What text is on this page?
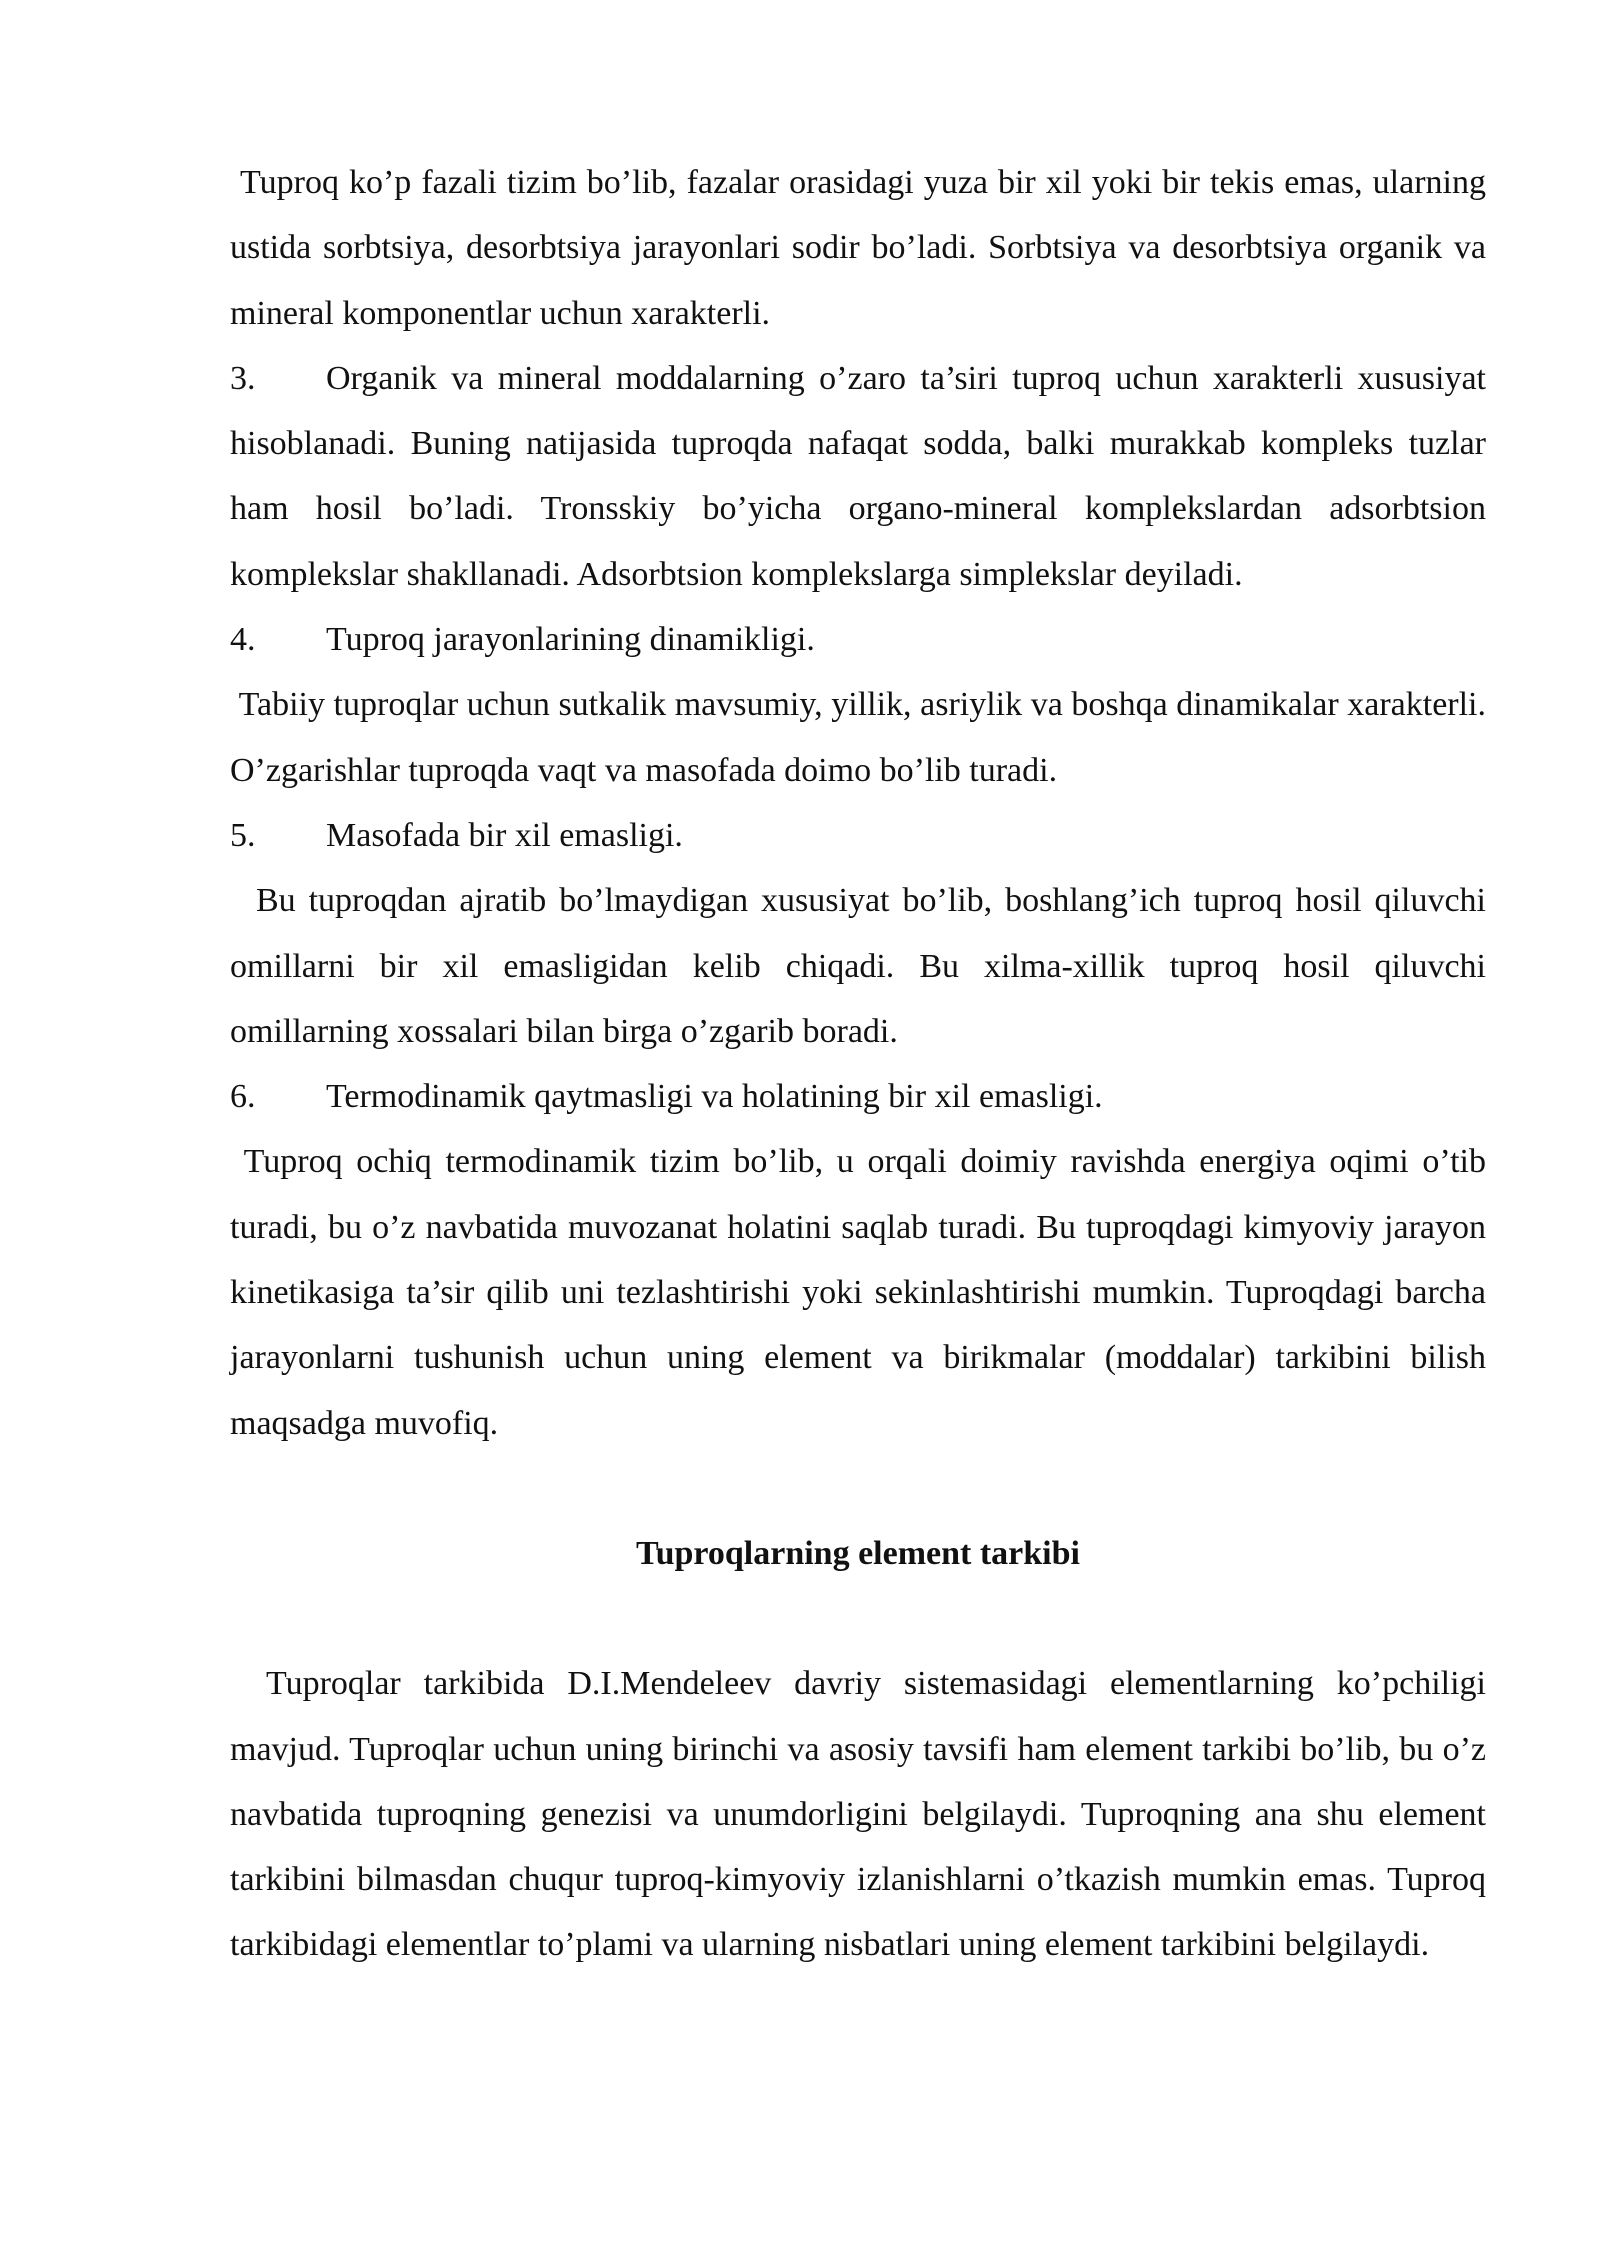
Tuproq ko’p fazali tizim bo’lib, fazalar orasidagi yuza bir xil yoki bir tekis emas, ularning ustida sorbtsiya, desorbtsiya jarayonlari sodir bo’ladi. Sorbtsiya va desorbtsiya organik va mineral komponentlar uchun xarakterli.

3. Organik va mineral moddalarning o’zaro ta’siri tuproq uchun xarakterli xususiyat hisoblanadi. Buning natijasida tuproqda nafaqat sodda, balki murakkab kompleks tuzlar ham hosil bo’ladi. Tronsskiy bo’yicha organo-mineral komplekslardan adsorbtsion komplekslar shakllanadi. Adsorbtsion komplekslarga simplekslar deyiladi.

4.	Tuproq jarayonlarining dinamikligi.

Tabiiy tuproqlar uchun sutkalik mavsumiy, yillik, asriylik va boshqa dinamikalar xarakterli. O’zgarishlar tuproqda vaqt va masofada doimo bo’lib turadi.

5.	Masofada bir xil emasligi.

Bu tuproqdan ajratib bo’lmaydigan xususiyat bo’lib, boshlang’ich tuproq hosil qiluvchi omillarni bir xil emasligidan kelib chiqadi. Bu xilma-xillik tuproq hosil qiluvchi omillarning xossalari bilan birga o’zgarib boradi.

6.	Termodinamik qaytmasligi va holatining bir xil emasligi.

Tuproq ochiq termodinamik tizim bo’lib, u orqali doimiy ravishda energiya oqimi o’tib turadi, bu o’z navbatida muvozanat holatini saqlab turadi. Bu tuproqdagi kimyoviy jarayon kinetikasiga ta’sir qilib uni tezlashtirishi yoki sekinlashtirishi mumkin. Tuproqdagi barcha jarayonlarni tushunish uchun uning element va birikmalar (moddalar) tarkibini bilish maqsadga muvofiq.

Tuproqlarning element tarkibi

Tuproqlar tarkibida D.I.Mendeleev davriy sistemasidagi elementlarning ko’pchiligi mavjud. Tuproqlar uchun uning birinchi va asosiy tavsifi ham element tarkibi bo’lib, bu o’z navbatida tuproqning genezisi va unumdorligini belgilaydi. Tuproqning ana shu element tarkibini bilmasdan chuqur tuproq-kimyoviy izlanishlarni o’tkazish mumkin emas. Tuproq tarkibidagi elementlar to’plami va ularning nisbatlari uning element tarkibini belgilaydi.
